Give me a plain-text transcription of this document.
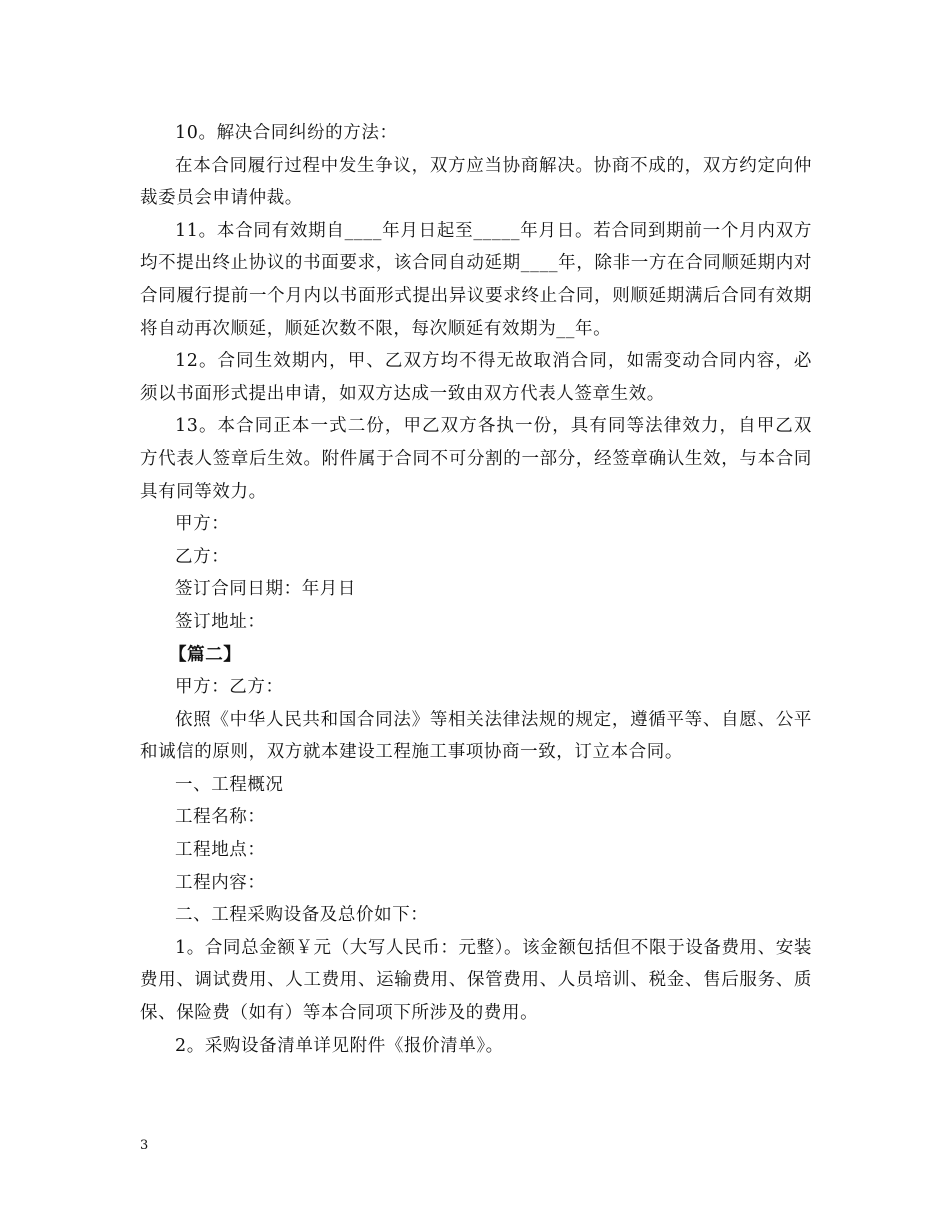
10。解决合同纠纷的方法：

在本合同履行过程中发生争议，双方应当协商解决。协商不成的，双方约定向仲裁委员会申请仲裁。

11。本合同有效期自____年月日起至_____年月日。若合同到期前一个月内双方均不提出终止协议的书面要求，该合同自动延期____年，除非一方在合同顺延期内对合同履行提前一个月内以书面形式提出异议要求终止合同，则顺延期满后合同有效期将自动再次顺延，顺延次数不限，每次顺延有效期为__年。

12。合同生效期内，甲、乙双方均不得无故取消合同，如需变动合同内容，必须以书面形式提出申请，如双方达成一致由双方代表人签章生效。

13。本合同正本一式二份，甲乙双方各执一份，具有同等法律效力，自甲乙双方代表人签章后生效。附件属于合同不可分割的一部分，经签章确认生效，与本合同具有同等效力。

甲方：

乙方：

签订合同日期：年月日

签订地址：

【篇二】

甲方：乙方：

依照《中华人民共和国合同法》等相关法律法规的规定，遵循平等、自愿、公平和诚信的原则，双方就本建设工程施工事项协商一致，订立本合同。

一、工程概况

工程名称：

工程地点：

工程内容：

二、工程采购设备及总价如下：

1。合同总金额￥元（大写人民币：元整）。该金额包括但不限于设备费用、安装费用、调试费用、人工费用、运输费用、保管费用、人员培训、税金、售后服务、质保、保险费（如有）等本合同项下所涉及的费用。

2。采购设备清单详见附件《报价清单》。

3
